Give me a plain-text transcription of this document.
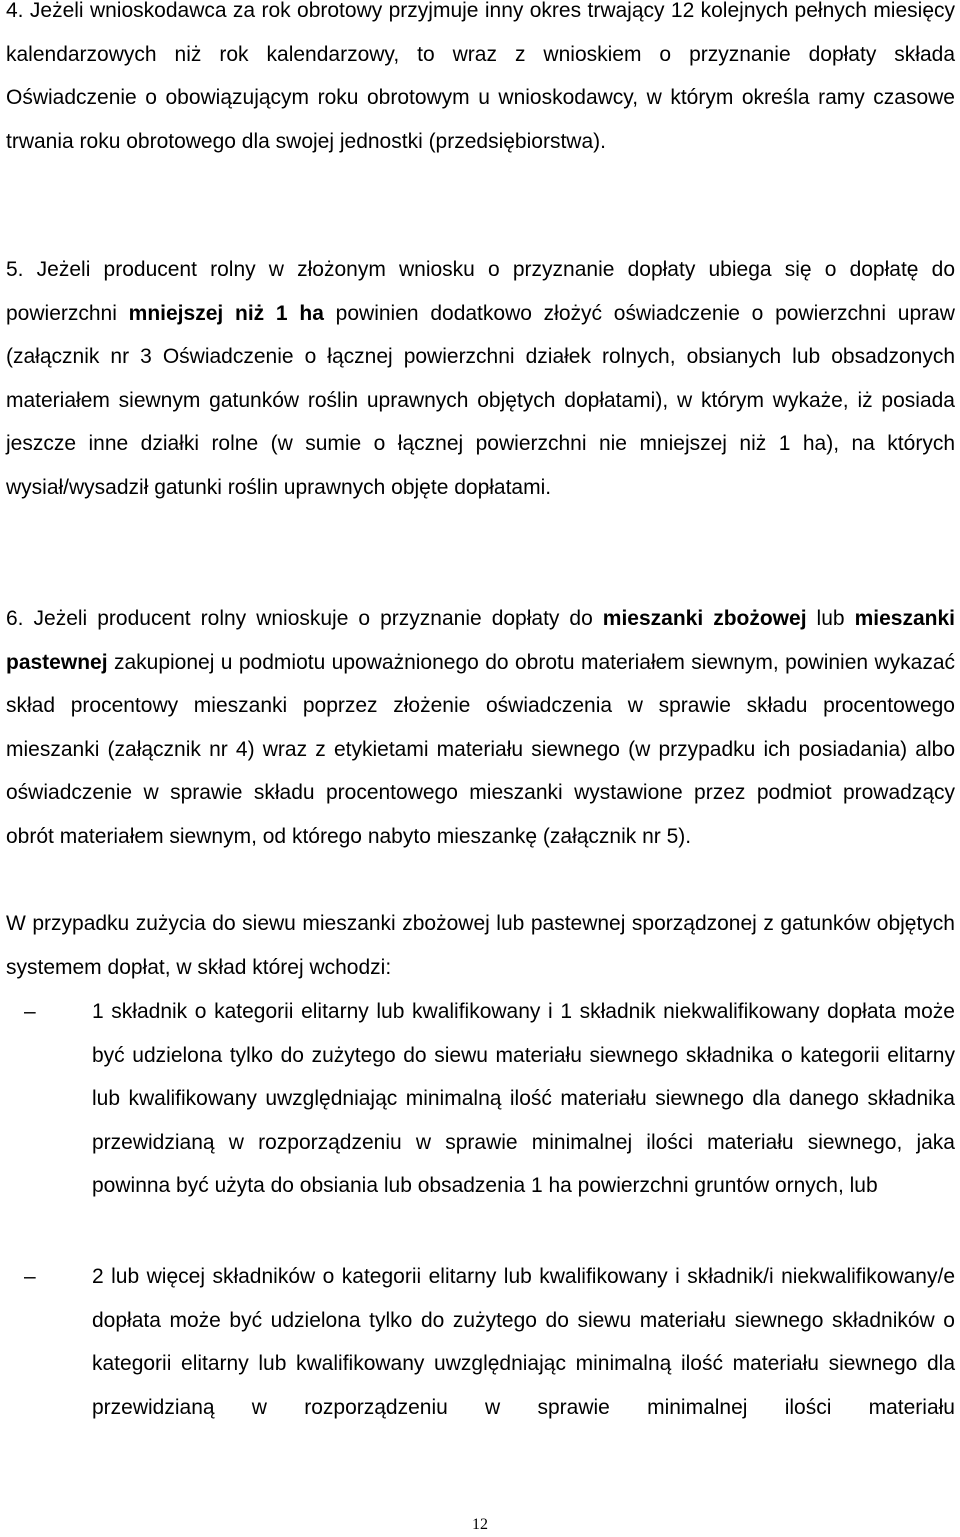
4. Jeżeli wnioskodawca za rok obrotowy przyjmuje inny okres trwający 12 kolejnych pełnych miesięcy kalendarzowych niż rok kalendarzowy, to wraz z wnioskiem o przyznanie dopłaty składa Oświadczenie o obowiązującym roku obrotowym u wnioskodawcy, w którym określa ramy czasowe trwania roku obrotowego dla swojej jednostki (przedsiębiorstwa).

5. Jeżeli producent rolny w złożonym wniosku o przyznanie dopłaty ubiega się o dopłatę do powierzchni mniejszej niż 1 ha powinien dodatkowo złożyć oświadczenie o powierzchni upraw (załącznik nr 3 Oświadczenie o łącznej powierzchni działek rolnych, obsianych lub obsadzonych materiałem siewnym gatunków roślin uprawnych objętych dopłatami), w którym wykaże, iż posiada jeszcze inne działki rolne (w sumie o łącznej powierzchni nie mniejszej niż 1 ha), na których wysiał/wysadził gatunki roślin uprawnych objęte dopłatami.

6. Jeżeli producent rolny wnioskuje o przyznanie dopłaty do mieszanki zbożowej lub mieszanki pastewnej zakupionej u podmiotu upoważnionego do obrotu materiałem siewnym, powinien wykazać skład procentowy mieszanki poprzez złożenie oświadczenia w sprawie składu procentowego mieszanki (załącznik nr 4) wraz z etykietami materiału siewnego (w przypadku ich posiadania) albo oświadczenie w sprawie składu procentowego mieszanki wystawione przez podmiot prowadzący obrót materiałem siewnym, od którego nabyto mieszankę (załącznik nr 5).

W przypadku zużycia do siewu mieszanki zbożowej lub pastewnej sporządzonej z gatunków objętych systemem dopłat, w skład której wchodzi:

–	1 składnik o kategorii elitarny lub kwalifikowany i 1 składnik niekwalifikowany dopłata może być udzielona tylko do zużytego do siewu materiału siewnego składnika o kategorii elitarny lub kwalifikowany uwzględniając minimalną ilość materiału siewnego dla danego składnika przewidzianą w rozporządzeniu w sprawie minimalnej ilości materiału siewnego, jaka powinna być użyta do obsiania lub obsadzenia 1 ha powierzchni gruntów ornych, lub

–	2 lub więcej składników o kategorii elitarny lub kwalifikowany i składnik/i niekwalifikowany/e dopłata może być udzielona tylko do zużytego do siewu materiału siewnego składników o kategorii elitarny lub kwalifikowany uwzględniając minimalną ilość materiału siewnego dla przewidzianą w rozporządzeniu w sprawie minimalnej ilości materiału

12
